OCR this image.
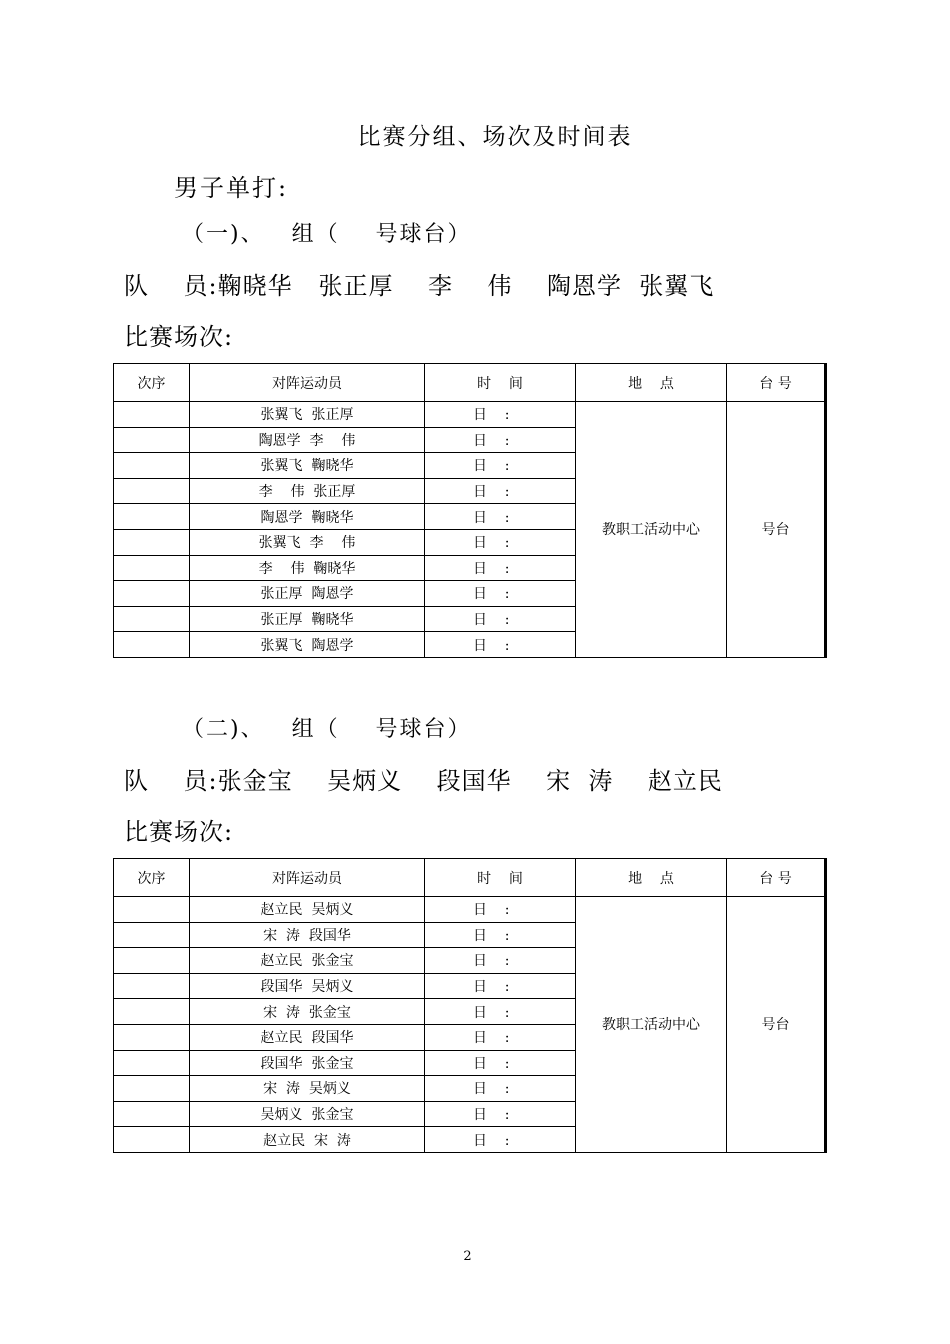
比赛分组、场次及时间表
男子单打:
（一)、   组（    号球台）
队    员:鞠晓华   张正厚    李    伟    陶恩学  张翼飞
比赛场次:
次序	对阵运动员	时    间	地    点	台 号
	张翼飞  张正厚	日    :	教职工活动中心	号台
	陶恩学  李    伟	日    :		
	张翼飞  鞠晓华	日    :		
	李    伟  张正厚	日    :		
	陶恩学  鞠晓华	日    :		
	张翼飞  李    伟	日    :		
	李    伟  鞠晓华	日    :		
	张正厚  陶恩学	日    :		
	张正厚  鞠晓华	日    :		
	张翼飞  陶恩学	日    :		
（二)、   组（    号球台）
队    员:张金宝    吴炳义    段国华    宋  涛    赵立民
比赛场次:
次序	对阵运动员	时    间	地    点	台 号
	赵立民  吴炳义	日    :	教职工活动中心	号台
	宋  涛  段国华	日    :		
	赵立民  张金宝	日    :		
	段国华  吴炳义	日    :		
	宋  涛  张金宝	日    :		
	赵立民  段国华	日    :		
	段国华  张金宝	日    :		
	宋  涛  吴炳义	日    :		
	吴炳义  张金宝	日    :		
	赵立民  宋  涛	日    :		
2
